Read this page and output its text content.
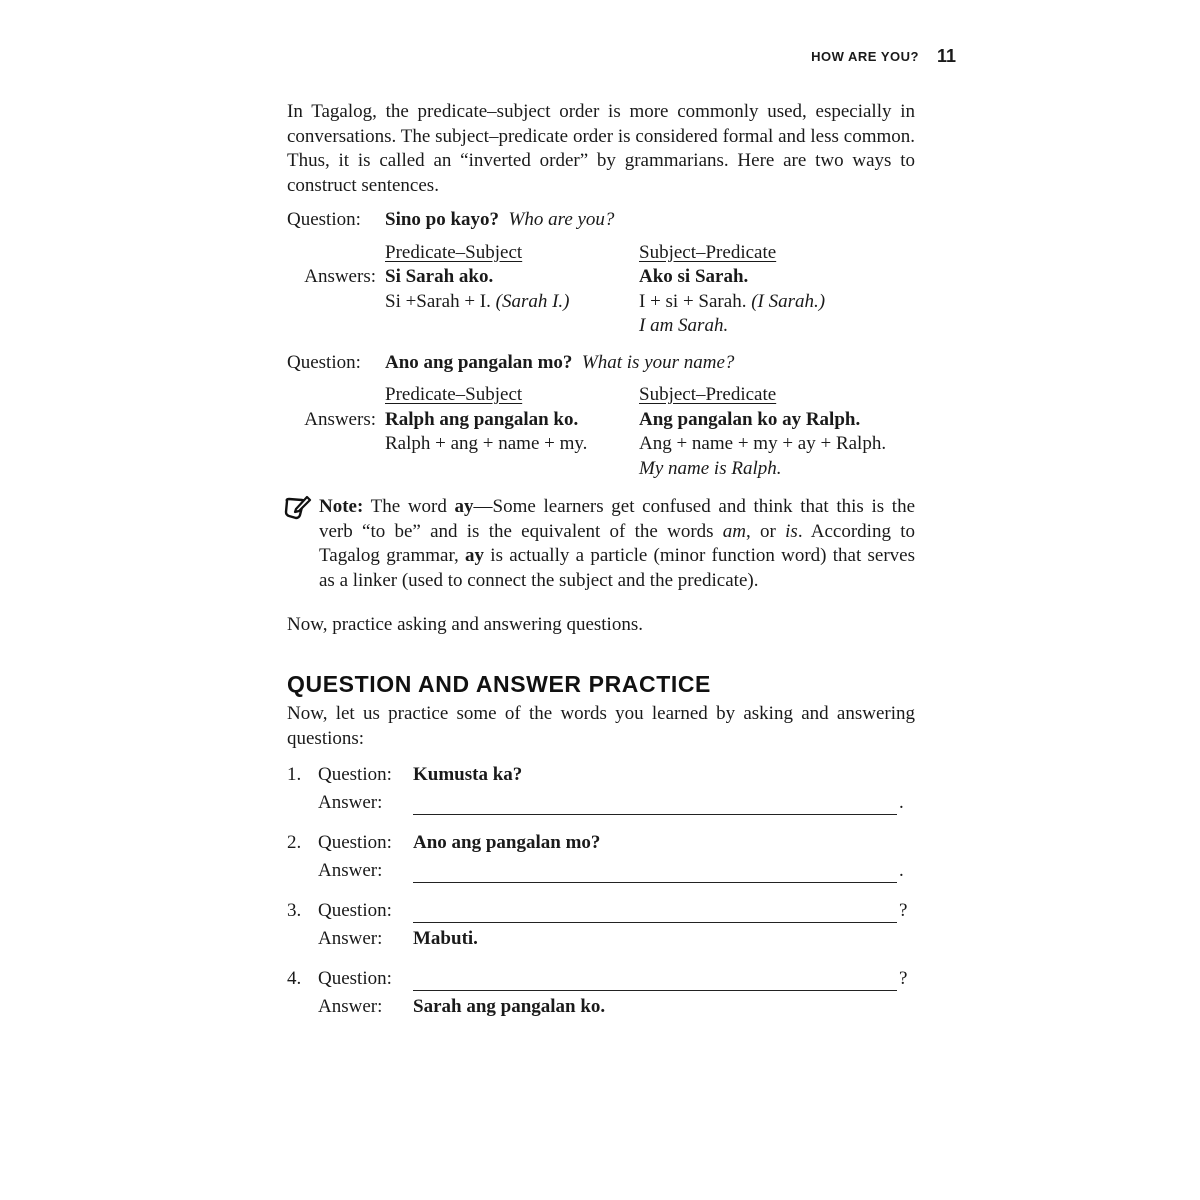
HOW ARE YOU? 11

In Tagalog, the predicate–subject order is more commonly used, especially in conversations. The subject–predicate order is considered formal and less common. Thus, it is called an “inverted order” by grammarians. Here are two ways to construct sentences.

Question:	Sino po kayo?
Who are you?
Predicate–Subject	Subject–Predicate
Answers: Si Sarah ako.	Ako si Sarah.
Si +Sarah + I. (Sarah I.)	I + si + Sarah. (I Sarah.)
I am Sarah.
Question:	Ano ang pangalan mo?
What is your name?
Predicate–Subject	Subject–Predicate
Answers: Ralph ang pangalan ko.	Ang pangalan ko ay Ralph.
Ralph + ang + name + my.	Ang + name + my + ay + Ralph.
My name is Ralph.

Note: The word ay—Some learners get confused and think that this is the verb “to be” and is the equivalent of the words am, or is. According to Tagalog grammar, ay is actually a particle (minor function word) that serves as a linker (used to connect the subject and the predicate).

Now, practice asking and answering questions.

QUESTION AND ANSWER PRACTICE

Now, let us practice some of the words you learned by asking and answering questions:

1. Question:	Kumusta ka?
Answer:	.
2. Question:	Ano ang pangalan mo?
Answer:	.
3. Question:	?
Answer:	Mabuti.
4. Question:	?
Answer:	Sarah ang pangalan ko.
